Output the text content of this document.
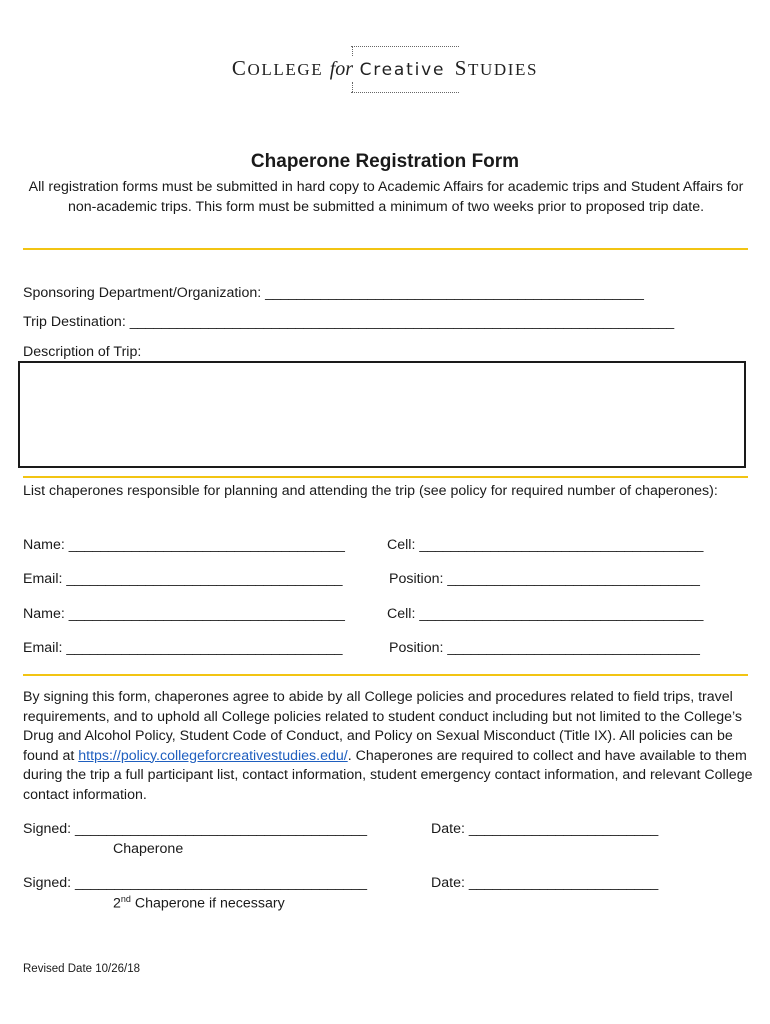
COLLEGE for Creative STUDIES
Chaperone Registration Form
All registration forms must be submitted in hard copy to Academic Affairs for academic trips and Student Affairs for non-academic trips. This form must be submitted a minimum of two weeks prior to proposed trip date.
Sponsoring Department/Organization: ________________________________________________
Trip Destination: _____________________________________________________________________
Description of Trip:
List chaperones responsible for planning and attending the trip (see policy for required number of chaperones):
Name: ___________________________________	Cell: ____________________________________
Email: ___________________________________	Position: ________________________________
Name: ___________________________________	Cell: ____________________________________
Email: ___________________________________	Position: ________________________________
By signing this form, chaperones agree to abide by all College policies and procedures related to field trips, travel requirements, and to uphold all College policies related to student conduct including but not limited to the College’s Drug and Alcohol Policy, Student Code of Conduct, and Policy on Sexual Misconduct (Title IX). All policies can be found at https://policy.collegeforcreativestudies.edu/. Chaperones are required to collect and have available to them during the trip a full participant list, contact information, student emergency contact information, and relevant College contact information.
Signed: _____________________________________	Date: ________________________
Chaperone
Signed: _____________________________________	Date: ________________________
2nd Chaperone if necessary
Revised Date 10/26/18
